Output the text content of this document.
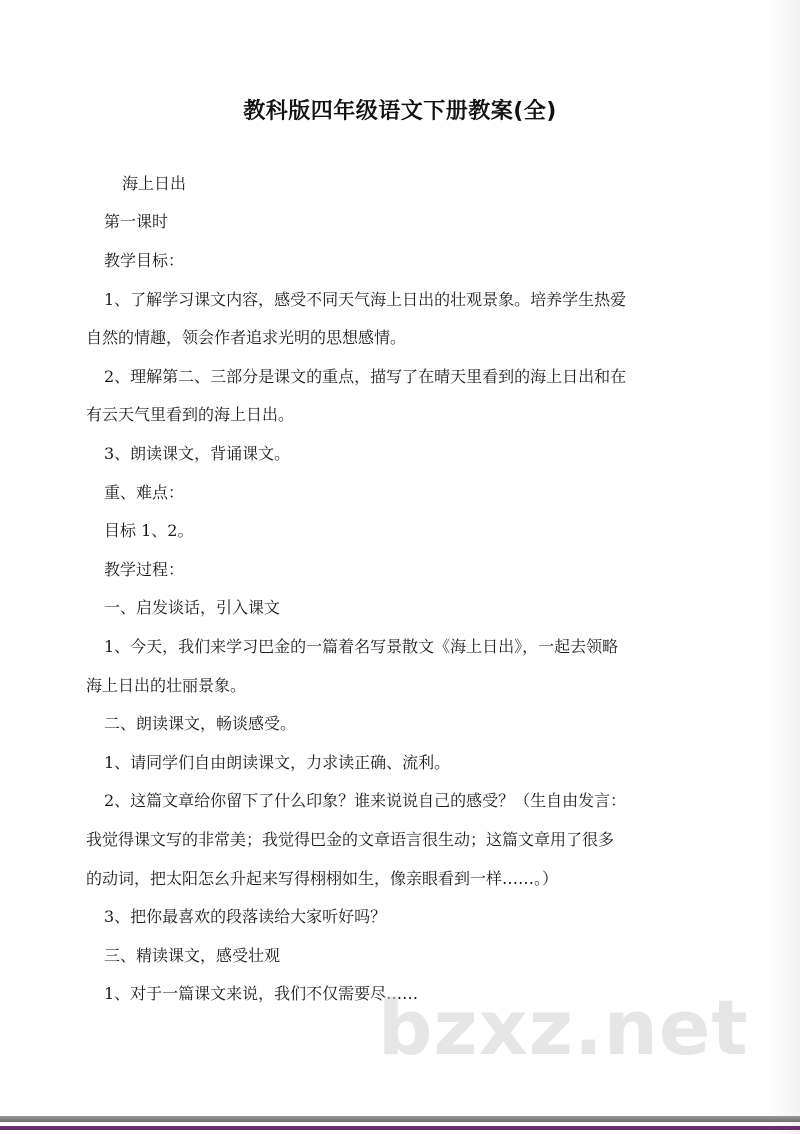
教科版四年级语文下册教案(全)
海上日出
第一课时
教学目标：
1、了解学习课文内容，感受不同天气海上日出的壮观景象。培养学生热爱
自然的情趣，领会作者追求光明的思想感情。
2、理解第二、三部分是课文的重点，描写了在晴天里看到的海上日出和在
有云天气里看到的海上日出。
3、朗读课文，背诵课文。
重、难点：
目标 1、2。
教学过程：
一、启发谈话，引入课文
1、今天，我们来学习巴金的一篇着名写景散文《海上日出》，一起去领略
海上日出的壮丽景象。
二、朗读课文，畅谈感受。
1、请同学们自由朗读课文，力求读正确、流利。
2、这篇文章给你留下了什么印象？谁来说说自己的感受？（生自由发言：
我觉得课文写的非常美；我觉得巴金的文章语言很生动；这篇文章用了很多
的动词，把太阳怎幺升起来写得栩栩如生，像亲眼看到一样……。）
3、把你最喜欢的段落读给大家听好吗？
三、精读课文，感受壮观
1、对于一篇课文来说，我们不仅需要尽……
bzxz.net
